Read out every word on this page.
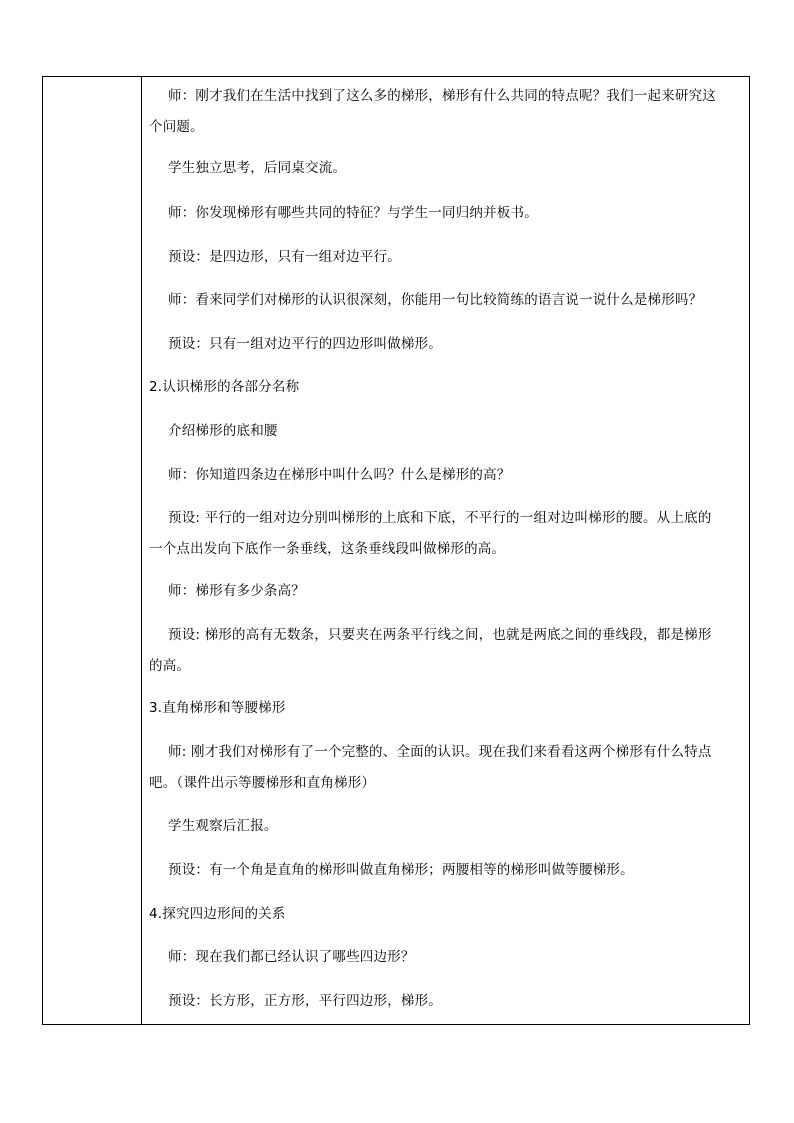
师：刚才我们在生活中找到了这么多的梯形，梯形有什么共同的特点呢？我们一起来研究这
个问题。
学生独立思考，后同桌交流。
师：你发现梯形有哪些共同的特征？与学生一同归纳并板书。
预设：是四边形，只有一组对边平行。
师：看来同学们对梯形的认识很深刻，你能用一句比较简练的语言说一说什么是梯形吗？
预设：只有一组对边平行的四边形叫做梯形。
2.认识梯形的各部分名称
介绍梯形的底和腰
师：你知道四条边在梯形中叫什么吗？什么是梯形的高？
预设: 平行的一组对边分别叫梯形的上底和下底，不平行的一组对边叫梯形的腰。从上底的
一个点出发向下底作一条垂线，这条垂线段叫做梯形的高。
师：梯形有多少条高？
预设: 梯形的高有无数条，只要夹在两条平行线之间，也就是两底之间的垂线段，都是梯形
的高。
3.直角梯形和等腰梯形
师: 刚才我们对梯形有了一个完整的、全面的认识。现在我们来看看这两个梯形有什么特点
吧。（课件出示等腰梯形和直角梯形）
学生观察后汇报。
预设：有一个角是直角的梯形叫做直角梯形；两腰相等的梯形叫做等腰梯形。
4.探究四边形间的关系
师：现在我们都已经认识了哪些四边形？
预设：长方形，正方形，平行四边形，梯形。
